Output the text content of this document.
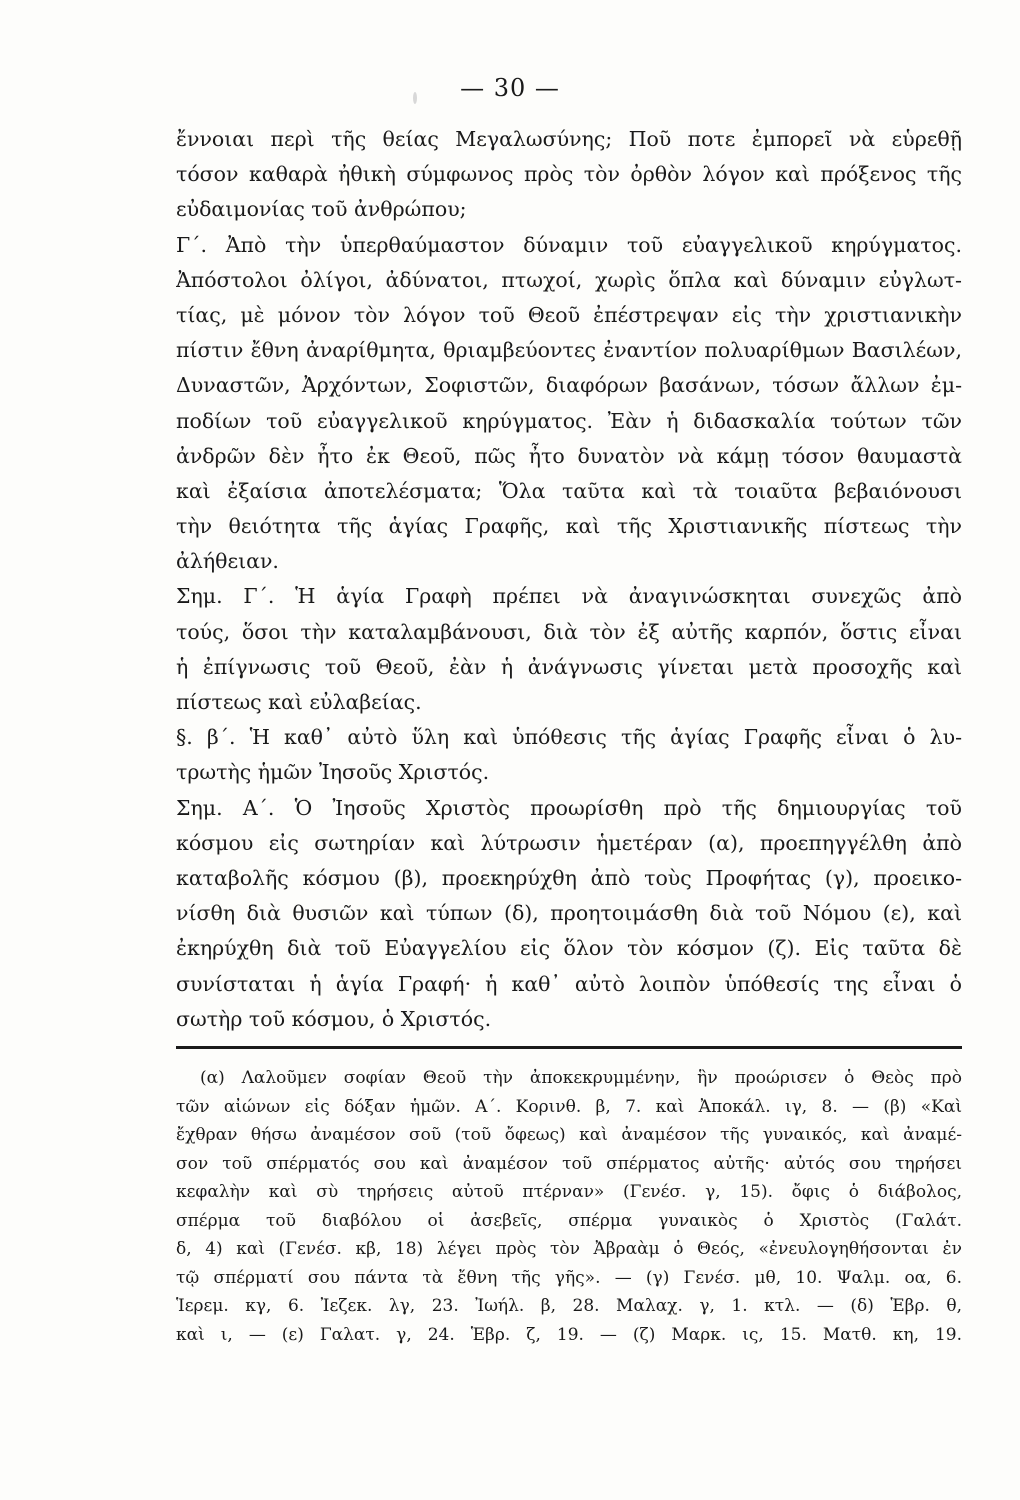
— 30 —
ἔννοιαι περὶ τῆς θείας Μεγαλωσύνης; Ποῦ ποτε ἐμπορεῖ νὰ εὑρεθῇ
τόσον καθαρὰ ἠθικὴ σύμφωνος πρὸς τὸν ὀρθὸν λόγον καὶ πρόξενος τῆς
εὐδαιμονίας τοῦ ἀνθρώπου;
Γ΄. Ἀπὸ τὴν ὑπερθαύμαστον δύναμιν τοῦ εὐαγγελικοῦ κηρύγματος.
Ἀπόστολοι ὀλίγοι, ἀδύνατοι, πτωχοί, χωρὶς ὅπλα καὶ δύναμιν εὐγλωτ-
τίας, μὲ μόνον τὸν λόγον τοῦ Θεοῦ ἐπέστρεψαν εἰς τὴν χριστιανικὴν
πίστιν ἔθνη ἀναρίθμητα, θριαμβεύοντες ἐναντίον πολυαρίθμων Βασιλέων,
Δυναστῶν, Ἀρχόντων, Σοφιστῶν, διαφόρων βασάνων, τόσων ἄλλων ἐμ-
ποδίων τοῦ εὐαγγελικοῦ κηρύγματος. Ἐὰν ἡ διδασκαλία τούτων τῶν
ἀνδρῶν δὲν ἦτο ἐκ Θεοῦ, πῶς ἦτο δυνατὸν νὰ κάμῃ τόσον θαυμαστὰ
καὶ ἐξαίσια ἀποτελέσματα; Ὅλα ταῦτα καὶ τὰ τοιαῦτα βεβαιόνουσι
τὴν θειότητα τῆς ἁγίας Γραφῆς, καὶ τῆς Χριστιανικῆς πίστεως τὴν
ἀλήθειαν.
Σημ. Γ΄. Ἡ ἁγία Γραφὴ πρέπει νὰ ἀναγινώσκηται συνεχῶς ἀπὸ
τούς, ὅσοι τὴν καταλαμβάνουσι, διὰ τὸν ἐξ αὐτῆς καρπόν, ὅστις εἶναι
ἡ ἐπίγνωσις τοῦ Θεοῦ, ἐὰν ἡ ἀνάγνωσις γίνεται μετὰ προσοχῆς καὶ
πίστεως καὶ εὐλαβείας.
§. β΄. Ἡ καθ᾽ αὐτὸ ὕλη καὶ ὑπόθεσις τῆς ἁγίας Γραφῆς εἶναι ὁ λυ-
τρωτὴς ἡμῶν Ἰησοῦς Χριστός.
Σημ. Α΄. Ὁ Ἰησοῦς Χριστὸς προωρίσθη πρὸ τῆς δημιουργίας τοῦ
κόσμου εἰς σωτηρίαν καὶ λύτρωσιν ἡμετέραν (α), προεπηγγέλθη ἀπὸ
καταβολῆς κόσμου (β), προεκηρύχθη ἀπὸ τοὺς Προφήτας (γ), προεικο-
νίσθη διὰ θυσιῶν καὶ τύπων (δ), προητοιμάσθη διὰ τοῦ Νόμου (ε), καὶ
ἐκηρύχθη διὰ τοῦ Εὐαγγελίου εἰς ὅλον τὸν κόσμον (ζ). Εἰς ταῦτα δὲ
συνίσταται ἡ ἁγία Γραφή· ἡ καθ᾽ αὐτὸ λοιπὸν ὑπόθεσίς της εἶναι ὁ
σωτὴρ τοῦ κόσμου, ὁ Χριστός.
(α) Λαλοῦμεν σοφίαν Θεοῦ τὴν ἀποκεκρυμμένην, ἣν προώρισεν ὁ Θεὸς πρὸ
τῶν αἰώνων εἰς δόξαν ἡμῶν. Α΄. Κορινθ. β, 7. καὶ Ἀποκάλ. ιγ, 8. — (β) «Καὶ
ἔχθραν θήσω ἀναμέσον σοῦ (τοῦ ὄφεως) καὶ ἀναμέσον τῆς γυναικός, καὶ ἀναμέ-
σον τοῦ σπέρματός σου καὶ ἀναμέσον τοῦ σπέρματος αὐτῆς· αὐτός σου τηρήσει
κεφαλὴν καὶ σὺ τηρήσεις αὐτοῦ πτέρναν» (Γενέσ. γ, 15). ὄφις ὁ διάβολος,
σπέρμα τοῦ διαβόλου οἱ ἀσεβεῖς, σπέρμα γυναικὸς ὁ Χριστὸς (Γαλάτ.
δ, 4) καὶ (Γενέσ. κβ, 18) λέγει πρὸς τὸν Ἀβραὰμ ὁ Θεός, «ἐνευλογηθήσονται ἐν
τῷ σπέρματί σου πάντα τὰ ἔθνη τῆς γῆς». — (γ) Γενέσ. μθ, 10. Ψαλμ. οα, 6.
Ἱερεμ. κγ, 6. Ἰεζεκ. λγ, 23. Ἰωήλ. β, 28. Μαλαχ. γ, 1. κτλ. — (δ) Ἑβρ. θ,
καὶ ι, — (ε) Γαλατ. γ, 24. Ἑβρ. ζ, 19. — (ζ) Μαρκ. ις, 15. Ματθ. κη, 19.
